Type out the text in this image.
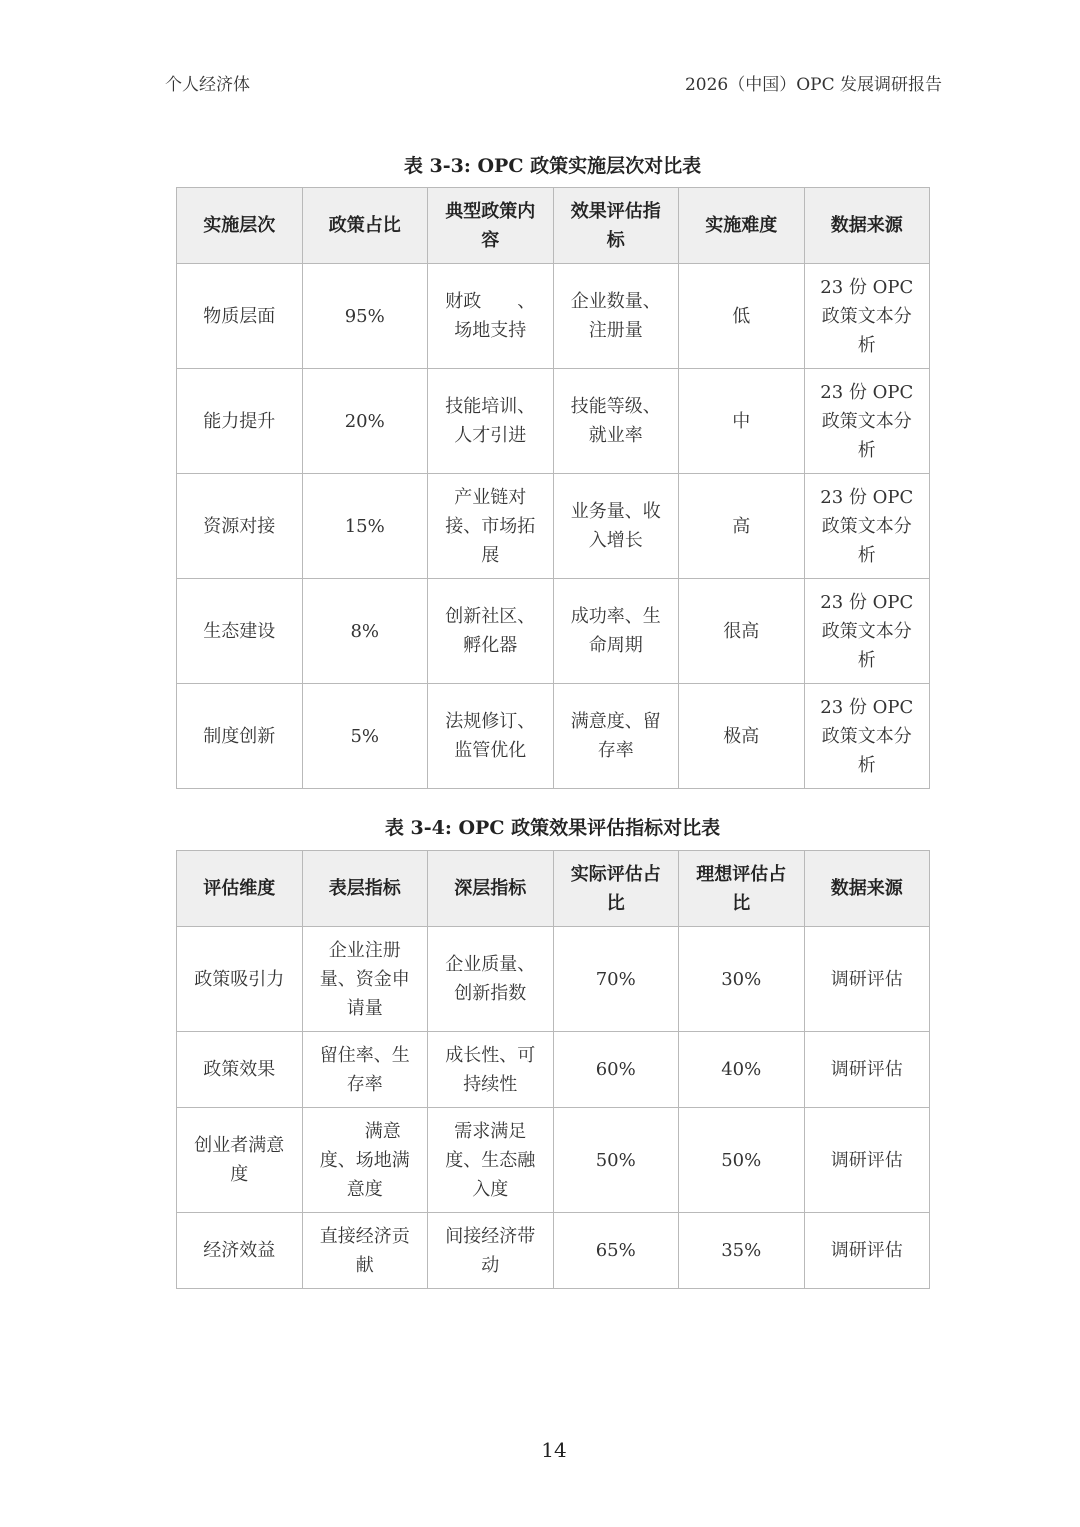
个人经济体	2026（中国）OPC 发展调研报告
表 3-3: OPC 政策实施层次对比表
实施层次	政策占比	典型政策内容	效果评估指标	实施难度	数据来源
物质层面	95%	财政　　、场地支持	企业数量、注册量	低	23 份 OPC 政策文本分析
能力提升	20%	技能培训、人才引进	技能等级、就业率	中	23 份 OPC 政策文本分析
资源对接	15%	产业链对接、市场拓展	业务量、收入增长	高	23 份 OPC 政策文本分析
生态建设	8%	创新社区、孵化器	成功率、生命周期	很高	23 份 OPC 政策文本分析
制度创新	5%	法规修订、监管优化	满意度、留存率	极高	23 份 OPC 政策文本分析
表 3-4: OPC 政策效果评估指标对比表
评估维度	表层指标	深层指标	实际评估占比	理想评估占比	数据来源
政策吸引力	企业注册量、资金申请量	企业质量、创新指数	70%	30%	调研评估
政策效果	留住率、生存率	成长性、可持续性	60%	40%	调研评估
创业者满意度	　　满意度、场地满意度	需求满足度、生态融入度	50%	50%	调研评估
经济效益	直接经济贡献	间接经济带动	65%	35%	调研评估
14
